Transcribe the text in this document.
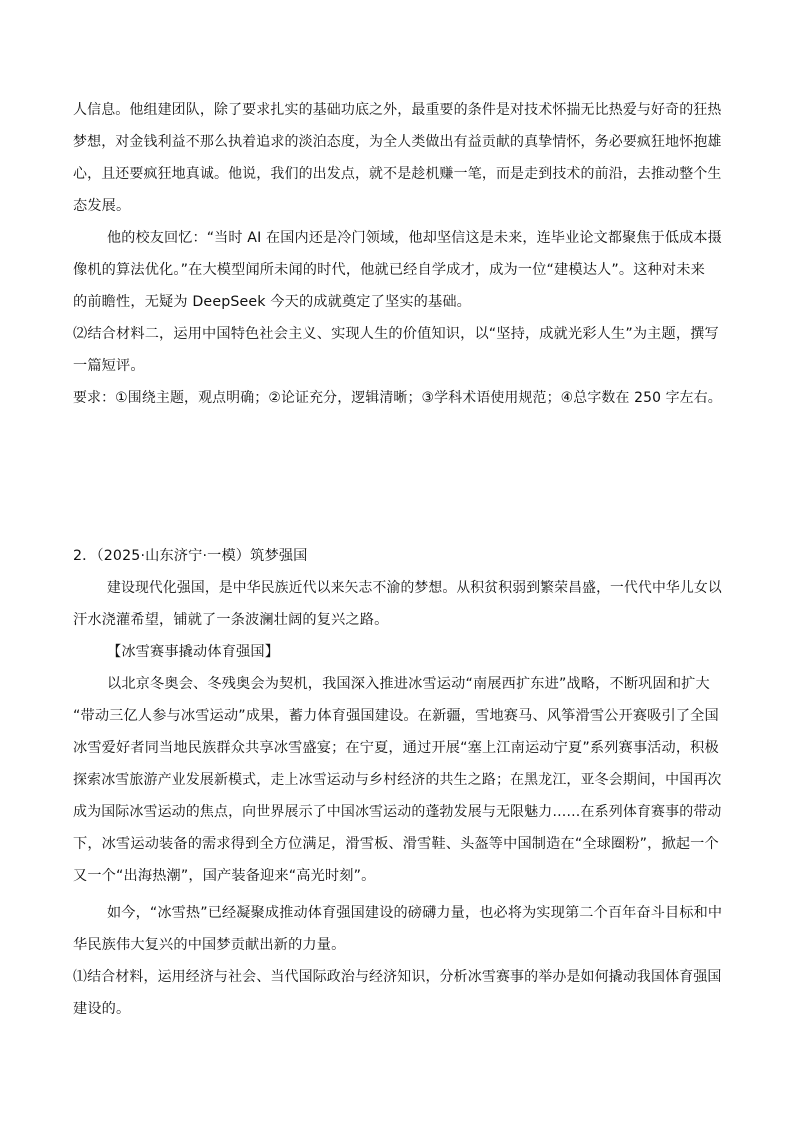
人信息。他组建团队，除了要求扎实的基础功底之外，最重要的条件是对技术怀揣无比热爱与好奇的狂热
梦想，对金钱利益不那么执着追求的淡泊态度，为全人类做出有益贡献的真挚情怀，务必要疯狂地怀抱雄
心，且还要疯狂地真诚。他说，我们的出发点，就不是趁机赚一笔，而是走到技术的前沿，去推动整个生
态发展。
他的校友回忆：“当时 AI 在国内还是冷门领域，他却坚信这是未来，连毕业论文都聚焦于低成本摄
像机的算法优化。”在大模型闻所未闻的时代，他就已经自学成才，成为一位“建模达人”。这种对未来
的前瞻性，无疑为 DeepSeek 今天的成就奠定了坚实的基础。
⑵结合材料二，运用中国特色社会主义、实现人生的价值知识，以“坚持，成就光彩人生”为主题，撰写
一篇短评。
要求：①围绕主题，观点明确；②论证充分，逻辑清晰；③学科术语使用规范；④总字数在 250 字左右。
2．（2025·山东济宁·一模）筑梦强国
建设现代化强国，是中华民族近代以来矢志不渝的梦想。从积贫积弱到繁荣昌盛，一代代中华儿女以
汗水浇灌希望，铺就了一条波澜壮阔的复兴之路。
【冰雪赛事撬动体育强国】
以北京冬奥会、冬残奥会为契机，我国深入推进冰雪运动“南展西扩东进”战略，不断巩固和扩大
“带动三亿人参与冰雪运动”成果，蓄力体育强国建设。在新疆，雪地赛马、风筝滑雪公开赛吸引了全国
冰雪爱好者同当地民族群众共享冰雪盛宴；在宁夏，通过开展“塞上江南运动宁夏”系列赛事活动，积极
探索冰雪旅游产业发展新模式，走上冰雪运动与乡村经济的共生之路；在黑龙江，亚冬会期间，中国再次
成为国际冰雪运动的焦点，向世界展示了中国冰雪运动的蓬勃发展与无限魅力……在系列体育赛事的带动
下，冰雪运动装备的需求得到全方位满足，滑雪板、滑雪鞋、头盔等中国制造在“全球圈粉”，掀起一个
又一个“出海热潮”，国产装备迎来“高光时刻”。
如今，“冰雪热”已经凝聚成推动体育强国建设的磅礴力量，也必将为实现第二个百年奋斗目标和中
华民族伟大复兴的中国梦贡献出新的力量。
⑴结合材料，运用经济与社会、当代国际政治与经济知识，分析冰雪赛事的举办是如何撬动我国体育强国
建设的。
